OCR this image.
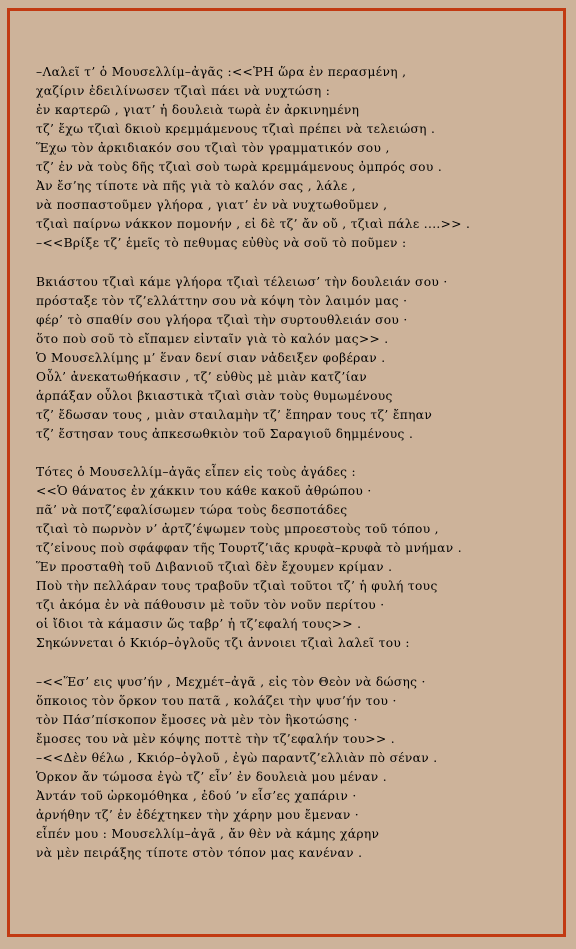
–Λαλεῖ τ’ ὁ Μουσελλίμ–ἀγᾶς :<<ῬΗ ὥρα ἐν περασμένη ,
χαζίριν ἐδειλίνωσεν τζιαὶ πάει νὰ νυχτώση :
ἐν καρτερῶ , γιατ’ ἡ δουλειὰ τωρὰ ἐν ἀρκινημένη
τζ’ ἔχω τζιαὶ δκιοὺ κρεμμάμενους τζιαὶ πρέπει νὰ τελειώση .
Ἕχω τὸν ἀρκιδιακόν σου τζιαὶ τὸν γραμματικόν σου ,
τζ’ ἐν νὰ τοὺς δῆς τζιαὶ σοὺ τωρὰ κρεμμάμενους ὀμπρός σου .
Ἀν ἔσ’ης τίποτε νὰ πῆς γιὰ τὸ καλόν σας , λάλε ,
νὰ ποσπαστοῦμεν γλήορα , γιατ’ ἐν νὰ νυχτωθοῦμεν ,
τζιαὶ παίρνω νάκκον πομονήν , εἰ δὲ τζ’ ἄν οὔ , τζιαὶ πάλε ....>> .
–<<Βρίξε τζ’ ἑμεῖς τὸ πεθυμας εὐθὺς νὰ σοῦ τὸ ποῦμεν :
Βκιάστου τζιαὶ κάμε γλήορα τζιαὶ τέλειωσ’ τὴν δουλειάν σου ·
πρόσταξε τὸν τζ’ελλάττην σου νὰ κόψη τὸν λαιμόν μας ·
φέρ’ τὸ σπαθίν σου γλήορα τζιαὶ τὴν συρτουθλειάν σου ·
ὅτο ποὺ σοῦ τὸ εἴπαμεν εἰνταῖν γιὰ τὸ καλόν μας>> .
Ὁ Μουσελλίμης μ’ ἕναν δενί σιαν νἀδειξεν φοβέραν .
Οὖλ’ ἀνεκατωθήκασιν , τζ’ εὐθὺς μὲ μιὰν κατζ’ίαν
ἁρπάξαν οὖλοι βκιαστικὰ τζιαὶ σιὰν τοὺς θυμωμένους
τζ’ ἔδωσαν τους , μιὰν σταιλαμὴν τζ’ ἔπηραν τους τζ’ ἔπηαν
τζ’ ἔστησαν τους ἀπκεσωθκιὸν τοῦ Σαραγιοῦ δημμένους .
Τότες ὁ Μουσελλίμ–ἀγᾶς εἶπεν εἰς τοὺς ἀγάδες :
<<Ὁ θάνατος ἐν χάκκιν του κάθε κακοῦ ἀθρώπου ·
πᾶ’ νὰ ποτζ’εφαλίσωμεν τώρα τοὺς δεσποτάδες
τζιαὶ τὸ πωρνὸν ν’ ἀρτζ’έψωμεν τοὺς μπροεστοὺς τοῦ τόπου ,
τζ’εἱνους ποὺ σφάφφαν τῆς Τουρτζ’ιᾶς κρυφὰ–κρυφὰ τὸ μνήμαν .
Ἕν προσταθὴ τοῦ Διβανιοῦ τζιαὶ δὲν ἔχουμεν κρίμαν .
Ποὺ τὴν πελλάραν τους τραβοῦν τζιαὶ τοῦτοι τζ’ ἡ φυλή τους
τζι ἀκόμα ἐν νὰ πάθουσιν μὲ τοῦν τὸν νοῦν περίτου ·
οἱ ἴδιοι τὰ κάμασιν ὥς ταβρ’ ἡ τζ’εφαλή τους>> .
Σηκώννεται ὁ Κκιόρ–ὀγλοῦς τζι ἀννοιει τζιαὶ λαλεῖ του :
–<<Ἕσ’ εις ψυσ’ήν , Μεχμέτ–ἀγᾶ , εἰς τὸν Θεὸν νὰ δώσης ·
ὅπκοιος τὸν ὅρκον του πατᾶ , κολάζει τὴν ψυσ’ήν του ·
τὸν Πάσ’πίσκοπον ἔμοσες νὰ μὲν τὸν ἣκοτώσης ·
ἔμοσες του νὰ μὲν κόψης ποττὲ τὴν τζ’εφαλήν του>> .
–<<Δὲν θέλω , Κκιόρ–ὀγλοῦ , ἐγὼ παραντζ’ελλιὰν πὸ σέναν .
Ὁρκον ἄν τώμοσα ἐγὼ τζ’ εἶν’ ἐν δουλειὰ μου μέναν .
Ἀντάν τοῦ ὠρκομόθηκα , ἐδού ’ν εἷσ’ες χαπάριν ·
ἀρνήθην τζ’ ἐν ἐδέχτηκεν τὴν χάρην μου ἔμεναν ·
εἶπέν μου : Μουσελλίμ–ἀγᾶ , ἄν θὲν νὰ κάμης χάρην
νὰ μὲν πειράξης τίποτε στὸν τόπον μας κανέναν .
